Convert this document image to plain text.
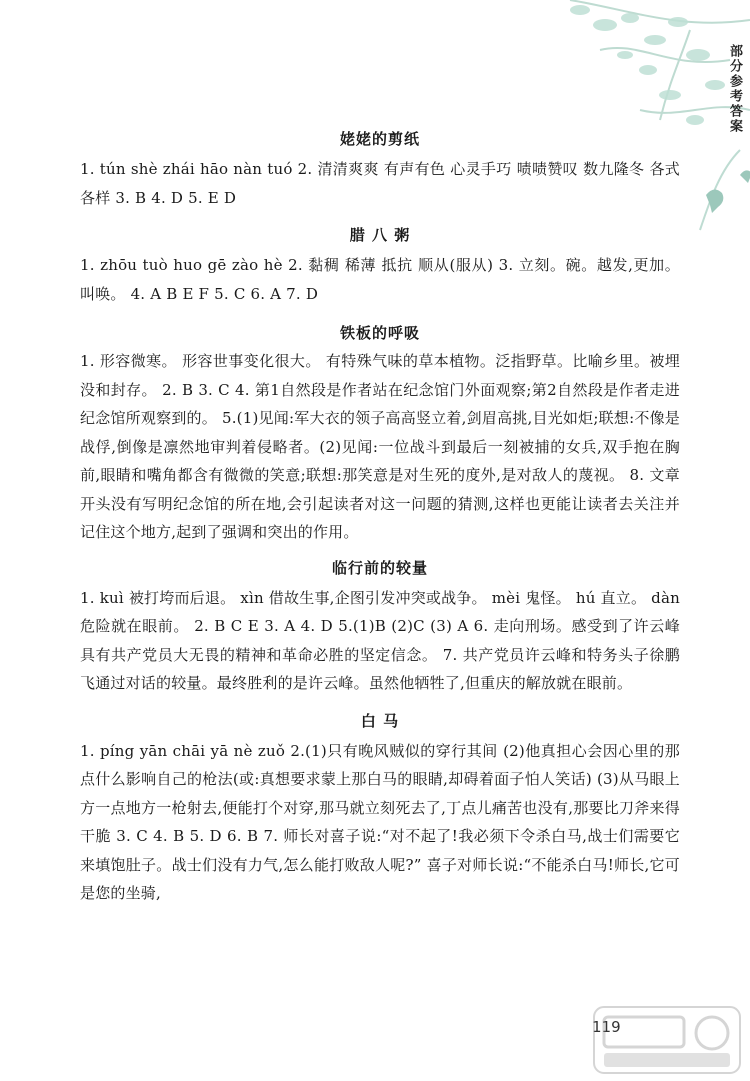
部分参考答案
姥姥的剪纸

1. tún shè zhái hāo nàn tuó 2. 清清爽爽 有声有色 心灵手巧 啧啧赞叹 数九隆冬 各式各样 3. B 4. D 5. E D

腊 八 粥

1. zhōu tuò huo gē zào hè 2. 黏稠 稀薄 抵抗 顺从(服从) 3. 立刻。碗。越发,更加。叫唤。 4. A B E F 5. C 6. A 7. D

铁板的呼吸

1. 形容微寒。 形容世事变化很大。 有特殊气味的草本植物。泛指野草。比喻乡里。被埋没和封存。 2. B 3. C 4. 第1自然段是作者站在纪念馆门外面观察;第2自然段是作者走进纪念馆所观察到的。 5.(1)见闻:军大衣的领子高高竖立着,剑眉高挑,目光如炬;联想:不像是战俘,倒像是凛然地审判着侵略者。(2)见闻:一位战斗到最后一刻被捕的女兵,双手抱在胸前,眼睛和嘴角都含有微微的笑意;联想:那笑意是对生死的度外,是对敌人的蔑视。 8. 文章开头没有写明纪念馆的所在地,会引起读者对这一问题的猜测,这样也更能让读者去关注并记住这个地方,起到了强调和突出的作用。

临行前的较量

1. kuì 被打垮而后退。 xìn 借故生事,企图引发冲突或战争。 mèi 鬼怪。 hú 直立。 dàn 危险就在眼前。 2. B C E 3. A 4. D 5.(1)B (2)C (3) A 6. 走向刑场。感受到了许云峰具有共产党员大无畏的精神和革命必胜的坚定信念。 7. 共产党员许云峰和特务头子徐鹏飞通过对话的较量。最终胜利的是许云峰。虽然他牺牲了,但重庆的解放就在眼前。

白 马

1. píng yān chāi yā nè zuǒ 2.(1)只有晚风贼似的穿行其间 (2)他真担心会因心里的那点什么影响自己的枪法(或:真想要求蒙上那白马的眼睛,却碍着面子怕人笑话) (3)从马眼上方一点地方一枪射去,便能打个对穿,那马就立刻死去了,丁点儿痛苦也没有,那要比刀斧来得干脆 3. C 4. B 5. D 6. B 7. 师长对喜子说:“对不起了!我必须下令杀白马,战士们需要它来填饱肚子。战士们没有力气,怎么能打败敌人呢?” 喜子对师长说:“不能杀白马!师长,它可是您的坐骑,

119
